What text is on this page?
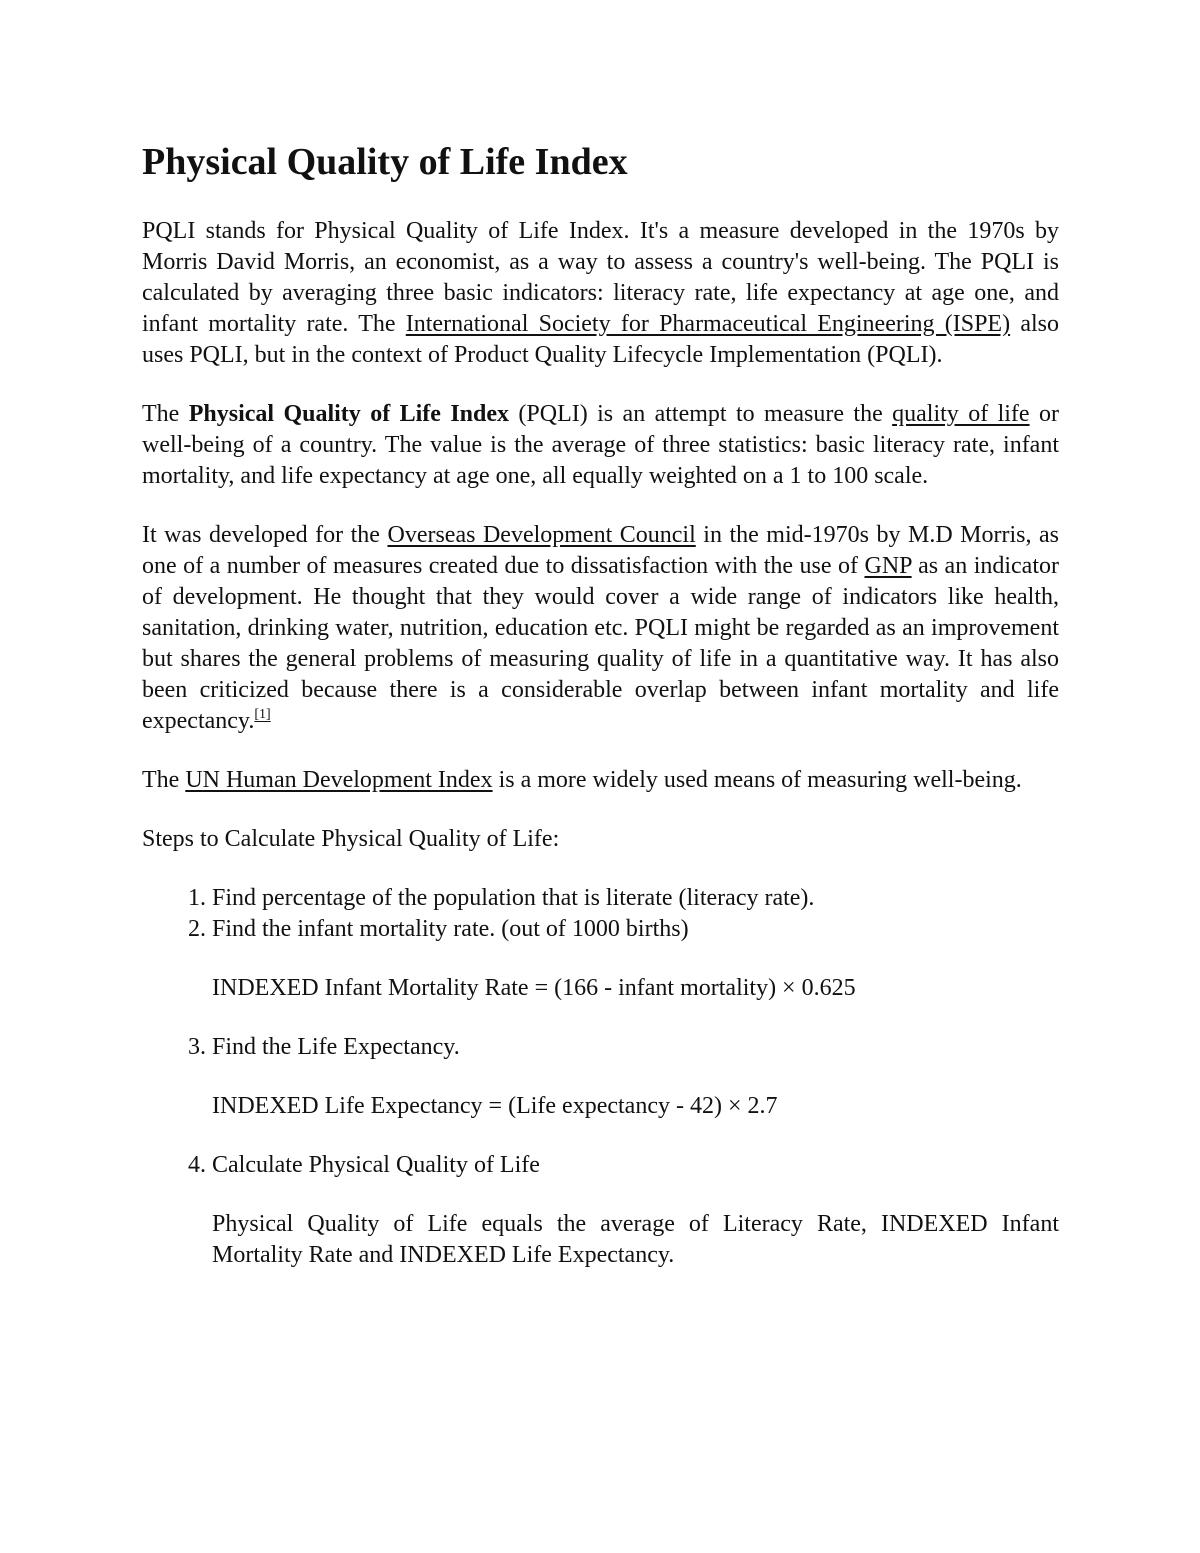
Physical Quality of Life Index

PQLI stands for Physical Quality of Life Index. It's a measure developed in the 1970s by Morris David Morris, an economist, as a way to assess a country's well-being. The PQLI is calculated by averaging three basic indicators: literacy rate, life expectancy at age one, and infant mortality rate. The International Society for Pharmaceutical Engineering (ISPE) also uses PQLI, but in the context of Product Quality Lifecycle Implementation (PQLI).

The Physical Quality of Life Index (PQLI) is an attempt to measure the quality of life or well-being of a country. The value is the average of three statistics: basic literacy rate, infant mortality, and life expectancy at age one, all equally weighted on a 1 to 100 scale.

It was developed for the Overseas Development Council in the mid-1970s by M.D Morris, as one of a number of measures created due to dissatisfaction with the use of GNP as an indicator of development. He thought that they would cover a wide range of indicators like health, sanitation, drinking water, nutrition, education etc. PQLI might be regarded as an improvement but shares the general problems of measuring quality of life in a quantitative way. It has also been criticized because there is a considerable overlap between infant mortality and life expectancy.[1]

The UN Human Development Index is a more widely used means of measuring well-being.

Steps to Calculate Physical Quality of Life:

1. Find percentage of the population that is literate (literacy rate).
2. Find the infant mortality rate. (out of 1000 births)

INDEXED Infant Mortality Rate = (166 - infant mortality) × 0.625

3. Find the Life Expectancy.

INDEXED Life Expectancy = (Life expectancy - 42) × 2.7

4. Calculate Physical Quality of Life

Physical Quality of Life equals the average of Literacy Rate, INDEXED Infant Mortality Rate and INDEXED Life Expectancy.
